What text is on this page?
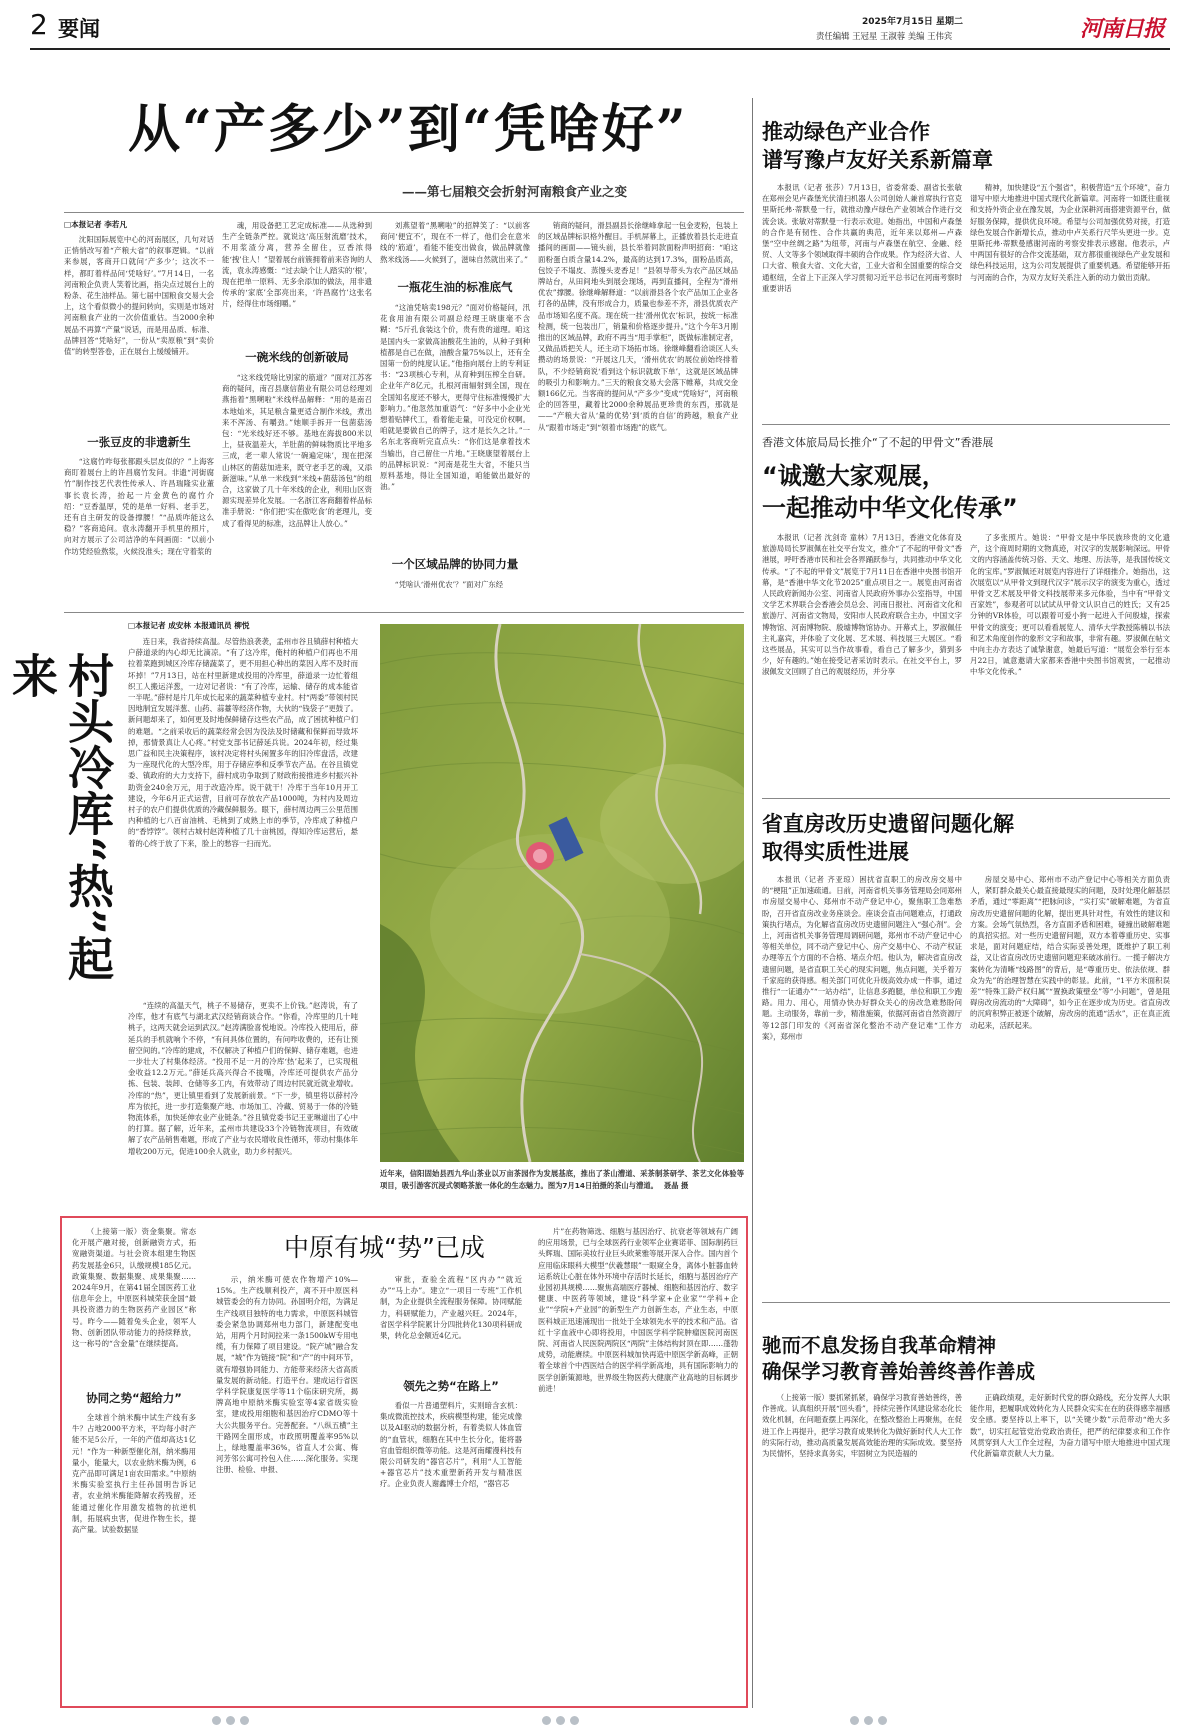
2 要闻	2025年7月15日 星期二
责任编辑 王冠星 王淑蓉 美编 王伟宾	河南日报
从“产多少”到“凭啥好”
——第七届粮交会折射河南粮食产业之变
□本报记者 李若凡

沈阳国际展览中心的河南展区，几句对话正悄悄改写着“产粮大省”的叙事逻辑。“以前来参展，客商开口就问‘产多少’；这次不一样，都盯着样品问‘凭啥好’。”7月14日，一名河南粮企负责人笑着比画，指尖点过展台上的粉条、花生油样品。第七届中国粮食交易大会上，这个看似微小的提问转向，实则是市场对河南粮食产业的一次价值重估。当2000余种展品不再算“产量”说话，而是用品质、标准、品牌回答“凭啥好”，一份从“卖原粮”到“卖价值”的转型答卷，正在展台上缓缓铺开。

一张豆皮的非遗新生

“这腐竹咋每张都跟头层皮似的？”上海客商盯着展台上的许昌腐竹发问。非遗“河街腐竹”制作技艺代表性传承人、许昌瑞隆实业董事长袁长涛，抬起一片金黄色的腐竹介绍：“豆香温厚，凭的是单一好料、老手艺，还有自主研发的设备撑腰！”“品质咋能这么稳？”客商追问。袁永涛翻开手机里的照片，向对方展示了公司洁净的车间画面：“以前小作坊凭经验熬浆，火候没准头；现在守着浆的

魂，用设备把工艺定成标准——从选种到生产全链条严控。就说这‘高压射流磨’技术，不用浆渣分离，营养全留住，豆香浓得能‘拽’住人！”望着展台前簇拥着前来咨询的人流，袁永涛感慨：“过去缺个让人踏实的‘根’，现在把单一原料、无多余添加的做法，用非遗传承的‘家底’全部亮出来，‘许昌腐竹’这张名片，经得住市场细嚼。”

一碗米线的创新破局

“这米线凭啥比别家的筋道？”面对江苏客商的疑问，南召县康信菌业有限公司总经理刘燕指着“黑嗍啦”米线样品解释：“用的是南召本地灿米，其足粮含量更适合制作米线，煮出来不浑汤、有嚼劲。”她顺手拆开一包菌菇汤包：“光米线好还不够。基地在海拔800米以上，昼夜温差大，羊肚菌的鲜味物质比平地多三成，老一辈人常说‘一碗遍定味’，现在把深山林区的菌菇加进来，既守老手艺的魂，又添新滋味。”从单一米线到“米线+菌菇汤包”的组合，这家做了几十年米线的企业，利用山区资源实现差异化发展。一名浙江客商翻着样品标准手册说：“你们把‘实在傲吃食’的老理儿，变成了看得见的标准，这品牌让人放心。”

刘燕望着“黑嗍啦”的招牌笑了：“以前客商问‘便宜不’，现在不一样了，他们会在意米线的‘筋道’，看能不能变出做食，做品牌就像熬米线汤——火候到了，滋味自然就出来了。”

一瓶花生油的标准底气

“这油凭啥卖198元？”面对价格疑问，汛花食用油有限公司副总经理王晓康毫不含糊：“5斤孔食装这个价，贵有贵的道理。咱这是国内头一家做高油酸花生油的，从种子到种植都是自己在做，油酸含量75%以上，还有全国第一份的纯度认证。”他指向展台上的专利证书：“23项核心专利，从育种到压榨全自研。企业年产8亿元，扎根河南辐射到全国，现在全国知名度还不够大，更得守住标准慢慢扩大影响力。”他忽然加重语气：“好多中小企业光想着贴牌代工，看着能走量，可没定价权啊。咱就是要做自己的牌子，这才是长久之计。”一名东北客商听完直点头：“你们这是拿着技术当输出，自己留住一片地。”王晓康望着展台上的品牌标识说：“河南是花生大省，不能只当原料基地，得让全国知道，咱能做出最好的油。”

一个区域品牌的协同力量

“凭啥认‘滑州优农’？”面对广东经

销商的疑问，滑县副县长徐继峰拿起一包金麦粉，包装上的区域品牌标识格外醒目。手机屏幕上，正播放着县长走进直播间的画面——镜头前，县长举着同款面粉声明招商：“咱这面粉蛋白质含量14.2%，最高的达到17.3%，面粉品质高，包饺子不塌皮、蒸馒头麦香足！”县领导带头为农产品区域品牌站台，从田间地头到展会现场，再到直播间，全程为“滑州优农”撑腰。徐继峰解释道：“以前滑县各个农产品加工企业各打各的品牌，没有形成合力，质量也参差不齐，滑县优质农产品市场知名度不高。现在统一挂‘滑州优农’标识，按统一标准检测，统一包装出厂，销量和价格逐步提升。”这个今年3月刚推出的区域品牌，政府不再当“甩手掌柜”，既做标准制定者，又做品质把关人，还主动下场拓市场。徐继峰翻看洽谈区人头攒动的场景说：“开展这几天，‘滑州优农’的展位前始终排着队，不少经销商说‘看到这个标识就敢下单’，这就是区域品牌的吸引力和影响力。”三天的粮食交易大会落下帷幕，共成交金额166亿元。当客商的提问从“产多少”变成“凭啥好”，河南粮企的回答里，藏着比2000余种展品更珍贵的东西，那就是——“产粮大省从‘量的优势’到‘质的自信’的跨越，粮食产业从“跟着市场走”到“领着市场跑”的底气。

村头冷库“热”起来
□本报记者 成安林 本报通讯员 柳悦

连日来，我省持续高温。尽管热浪袭袭，孟州市谷且镇薛村种植大户薛道录的内心却无比滴凉。“有了这冷库，俺村的种植户们再也不用拉着菜跑到城区冷库存储蔬菜了，更不用担心种出的菜因入库不及时而坏掉！”7月13日，站在村里新建成投用的冷库里，薛道录一边忙着组织工人搬运洋葱，一边对记者说：“有了冷库，运输、储存的成本能省一半呢。”薛村是片几年成长起来的蔬菜种植专业村。村“两委”带领村民因地制宜发展洋葱、山药、蒜薹等经济作物，大伙的“钱袋子”更鼓了。新问题却来了，如何更及时地保鲜储存这些农产品，成了困扰种植户们的难题。“之前采收后的蔬菜经常会因为没法及时储藏和保鲜而导致坏掉，那情景真让人心疼。”村党支部书记薛延兵说。2024年初，经过集思广益和民主决策程序，该村决定将村头闲置多年的旧冷库盘活，改建为一座现代化的大型冷库，用于存储应季和反季节农产品。在谷且镇党委、镇政府的大力支持下，薛村成功争取到了财政衔接推进乡村振兴补助资金240余万元，用于改造冷库。说干就干！冷库于当年10月开工建设，今年6月正式运营，目前可存放农产品1000吨，为村内及周边村子的农户们提供优质的冷藏保鲜服务。眼下，薛村周边两三公里范围内种植的七八百亩油桃、毛桃到了成熟上市的季节，冷库成了种植户的“香饽饽”。领村古城村赵涛种植了几十亩桃园，得知冷库运营后，悬着的心终于放了下来，脸上的愁容一扫而光。

“连续的高温天气，桃子不易储存，更卖不上价钱。”赵涛说，有了冷库，他才有底气与湖北武汉经销商谈合作。“你看，冷库里的几十吨桃子，这两天就会运到武汉。”赵涛满脸喜悦地说。冷库投入使用后，薛延兵的手机就响个不停，“有问具体位置的，有问咋收费的，还有让预留空间的。”冷库的建成，不仅解决了种植户们的保鲜、储存难题，也进一步壮大了村集体经济。“投用不足一月的冷库‘热’起来了，已实现租金收益12.2万元。”薛延兵高兴得合不拢嘴，冷库还可提供农产品分拣、包装、装卸、仓储等多工内，有效带动了周边村民就近就业增收。冷库的“热”，更让镇里看到了发展新前景。“下一步，镇里将以薛村冷库为依托，进一步打造集聚产地、市场加工、冷藏、贸易于一体的冷链物流体系，加快延伸农业产业链条。”谷且镇党委书记王亚琳道出了心中的打算。据了解，近年来，孟州市共建设33个冷链物流项目，有效破解了农产品销售难题，形成了产业与农民增收良性循环，带动村集体年增收200万元，促进100余人就业，助力乡村振兴。

近年来，信阳固始县西九华山茶业以万亩茶园作为发展基底，推出了茶山漕道、采茶制茶研学、茶艺文化体验等项目，吸引游客沉浸式领略茶旅一体化的生态魅力。图为7月14日拍摄的茶山与漕道。 聂晶 摄
中原有城“势”已成

（上接第一版）资金集聚。常态化开展产融对接，创新融资方式，拓宽融资渠道。与社会资本组建生物医药发展基金6只，认缴规模185亿元。政策集聚、数据集聚、成果集聚……2024年9月，在第41届全国医药工业信息年会上，中原医科城荣获金国“最具投资潜力的生物医药产业园区”称号。昨今——随着兔头企业，领军人物、创新团队带动能力的持续释放，这一称号的“含金量”在继续提高。

协同之势“超给力”

全球首个纳米酶中试生产线有多牛？占地2000平方米，平均每小时产能不足5公斤，一年的产值却高达1亿元！“作为一种新型催化剂，纳米酶用量小，能量大，以农业纳米酶为例，6克产品即可满足1亩农田需求。”中原纳米酶实验室执行主任孙国明告诉记者，农业纳米酶能降解农药残留，还能通过催化作用激发植物的抗逆机制，拓展病虫害，促进作物生长，提高产量。试验数据显

示，纳米酶可使农作物增产10%—15%。生产线顺利投产，离不开中原医科城管委会的有力协同。孙国明介绍，为满足生产线项目独特的电力需求，中原医科城管委会紧急协调郑州电力部门，新建配变电站，用两个月时间拉来一条1500kW专用电缆，有力保障了项目建设。“院产城”融合发展，“城”作为链接“院”和“产”的中间环节，就有增强协同能力、方能带来经济大省高质量发展的新动能。打造平台。建成运行省医学科学院康复医学等11个临床研究所，揭牌高地中原纳米酶实验室等4家省级实验室，建成投用细胞和基因治疗CDMO等十大公共服务平台。完善配套。“八纵五横”主干路网全面形成，市政照明覆盖率95%以上，绿地覆盖率36%，省直人才公寓、梅河芳邻公寓可拎包入住……深化服务。实现注册、检验、申报、

审批，查验全流程“区内办”“就近办”“马上办”。建立“一项目一专班”工作机制，为企业提供全流程服务保障。协同赋能力，科研赋能力，产业越兴旺。2024年，省医学科学院累计分四批转化130项科研成果，转化总金额近4亿元。

领先之势“在路上”

看似一片普通塑料片，实则暗含玄机：集成微流控技术，疾病模型构建，能完成像以及AI驱动的数据分析，有着类似人体血管的“血管状，细胞在其中生长分化，能将器官血管组织微等功能。这是河南耀漫科技有限公司研发的“器官芯片”，利用“人工智能+器官芯片”技术重塑新药开发与精准医疗。企业负责人谢鑫博士介绍，“器官芯

片”在药物筛选、细胞与基因治疗、抗衰老等领域有广阔的应用场景，已与全球医药行业领军企业赛诺菲、国际制药巨头辉瑞、国际美妆行业巨头欧莱雅等展开深入合作。国内首个应用临床眼科大模型“伏羲慧眼”一眼窥全身，离体小脏器血转运系统让心脏在体外环境中存活时长延长，细胞与基因治疗产业园初具规模……聚焦高端医疗器械、细胞和基因治疗、数字健康、中医药等领域，建设“科学家+企业家”“学科+企业”“学院+产业园”的新型生产力创新生态，产业生态，中原医科城正迅速涌现出一批处于全球领先水平的技术和产品。省红十字血液中心即将投用，中国医学科学院肿瘤医院河南医院、河南省人民医院两院区“两院”主体结构封顶在即……蓬勃成势，动能赓续。中原医科城加快再造中原医学新高峰，正朝着全球首个中西医结合的医学科学新高地，具有国际影响力的医学创新策源地，世界级生物医药大健康产业高地的目标阔步前进！

推动绿色产业合作
谱写豫卢友好关系新篇章

本报讯（记者 张莎）7月13日，省委常委、副省长张敏在郑州会见卢森堡光伏清扫机器人公司创始人兼首席执行官克里斯托弗·蒂默曼一行，就推动豫卢绿色产业领域合作进行交流会谈。张敏对蒂默曼一行表示欢迎。她指出，中国和卢森堡的合作是有韧性、合作共赢的典范，近年来以郑州—卢森堡“空中丝绸之路”为纽带，河南与卢森堡在航空、金融、经贸、人文等多个领域取得丰硕的合作成果。作为经济大省、人口大省、粮食大省、文化大省，工业大省和全国重要的综合交通枢纽，全省上下正深入学习贯彻习近平总书记在河南考察时重要讲话

精神，加快建设“五个强省”，积极营造“五个环境”，奋力谱写中原大地推进中国式现代化新篇章。河南将一如既往重视和支持外资企业在豫发展，为企业深耕河南搭建资源平台，做好服务保障，提供优良环境。希望与公司加强优势对接，打造绿色发展合作新增长点，推动中卢关系行尺竿头更进一步。克里斯托弗·蒂默曼感谢河南的考察安排表示感谢。他表示，卢中两国有很好的合作交流基础，双方都很重视绿色产业发展和绿色科技运用，这为公司发展提供了重要机遇。希望能够开拓与河南的合作，为双方友好关系注入新的动力做出贡献。

香港文体旅局局长推介“了不起的甲骨文”香港展
“诚邀大家观展，
一起推动中华文化传承”

本报讯（记者 沈剑奇 童林）7月13日，香港文化体育及旅游局局长罗淑佩在社交平台发文，推介“了不起的甲骨文”香港展，呼吁香港市民和社会各界踊跃参与，共同推动中华文化传承。“了不起的甲骨文”展览于7月11日在香港中央图书馆开幕，是“香港中华文化节2025”重点项目之一。展览由河南省人民政府新闻办公室、河南省人民政府外事办公室指导，中国文学艺术界联合会香港会员总会、河南日报社、河南省文化和旅游厅、河南省文物局，安阳市人民政府联合主办，中国文字博物馆、河南博物院、殷墟博物馆协办。开幕式上，罗淑佩任主礼嘉宾，并体验了文化展、艺术展、科技展三大展区。“看这些展品，其实可以当作故事看，看自己了解多少，猜到多少，好有趣的。”她在接受记者采访时表示。在社交平台上，罗淑佩发文回顾了自己的观展经历，并分享

了多张照片。她说：“甲骨文是中华民族珍贵的文化遗产，这个商周时期的文物真迹，对汉字的发展影响深远。甲骨文的内容涵盖传统习俗、天文、地理、历法等，是我国传统文化的宝库。”罗淑佩还对展览内容进行了详细推介。她指出，这次展览以“从甲骨文到现代汉字”展示汉字的演变为重心，透过甲骨文艺术展及甲骨文科技展带来多元体验，当中有“甲骨文百家姓”，参观者可以试试从甲骨文认识自己的姓氏；又有25分钟的VR体验，可以跟着可爱小狗一起进入千问殷墟，探索甲骨文的演变；更可以看看展览人、清华大学教授陈楠以书法和艺术角度创作的象形文字和故事，非常有趣。罗淑佩在帖文中向主办方表达了诚挚谢意，她最后写道：“展览会举行至本月22日，诚意邀请大家都来香港中央图书馆观赏，一起推动中华文化传承。”

省直房改历史遗留问题化解
取得实质性进展

本报讯（记者 齐亚琼）困扰省直职工的房改房交易中的“梗阻”正加速疏通。日前，河南省机关事务管理局会同郑州市房屋交易中心、郑州市不动产登记中心，聚焦职工急难愁盼，召开省直房改业务座谈会。座谈会直击问题难点，打通政策执行堵点，为化解省直房改历史遗留问题注入“强心剂”。会上，河南省机关事务管理局调研问题，郑州市不动产登记中心等相关单位，同不动产登记中心、房产交易中心、不动产权证办理等五个方面的不合格、堵点介绍。他认为，解决省直房改遗留问题，是省直职工关心的现实问题，焦点问题，关乎着万千家庭的获得感。相关部门可优化升级高效办成一件事，通过推行“一证通办”“一站办结”，让信息多跑腿，单位和职工少跑路。用力、用心，用情办快办好群众关心的房改急难愁盼问题。主动服务，靠前一步，精准施策，依据河南省自然资源厅等12部门印发的《河南省深化整治不动产登记难“工作方案》，郑州市

房屋交易中心、郑州市不动产登记中心等相关方面负责人，紧盯群众最关心最直接最现实的问题，及时处理化解基层矛盾，通过“零距离”“把脉问诊，“实打实”破解难题，为省直房改历史遗留问题的化解，提出更具针对性，有效性的建议和方案。会场气氛热烈，各方直面矛盾和困难，碰撞出破解难题的真招实招。对一些历史遗留问题，双方本着尊重历史、实事求是，面对问题症结，结合实际妥善处理，既维护了职工利益，又让省直房改历史遗留问题迎来破冰前行。一揽子解决方案转化为清晰“线路图”的背后，是“尊重历史、依法依规、群众为先”的治理智慧在实践中的彰显。此前，“1平方米面积误差”“特殊工龄产权归属”“置换政策壁垒”等“小问题”，曾是阻碍房改房流动的“大障碍”，如今正在逐步成为历史。省直房改的沉疴积弊正被逐个破解，房改房的流通“活水”，正在真正流动起来，活跃起来。

驰而不息发扬自我革命精神
确保学习教育善始善终善作善成

（上接第一版）要抓紧抓紧，确保学习教育善始善终，善作善成。认真组织开展“回头看”，持续完善作风建设常态化长效化机制，在问题查摆上再深化，在整改整治上再聚焦，在促进工作上再提升，把学习教育成果转化为做好新时代人大工作的实际行动，推动高质量发展高效能治理的实际成效。要坚持为民情怀，坚持求真务实，牢固树立为民造福的

正确政绩观，走好新时代党的群众路线，充分发挥人大职能作用，把履职成效转化为人民群众实实在在的获得感幸福感安全感。要坚持以上率下，以“关键少数”示范带动“绝大多数”，切实扛起管党治党政治责任，把严的纪律要求和工作作风贯穿到人大工作全过程，为奋力谱写中原大地推进中国式现代化新篇章贡献人大力量。
